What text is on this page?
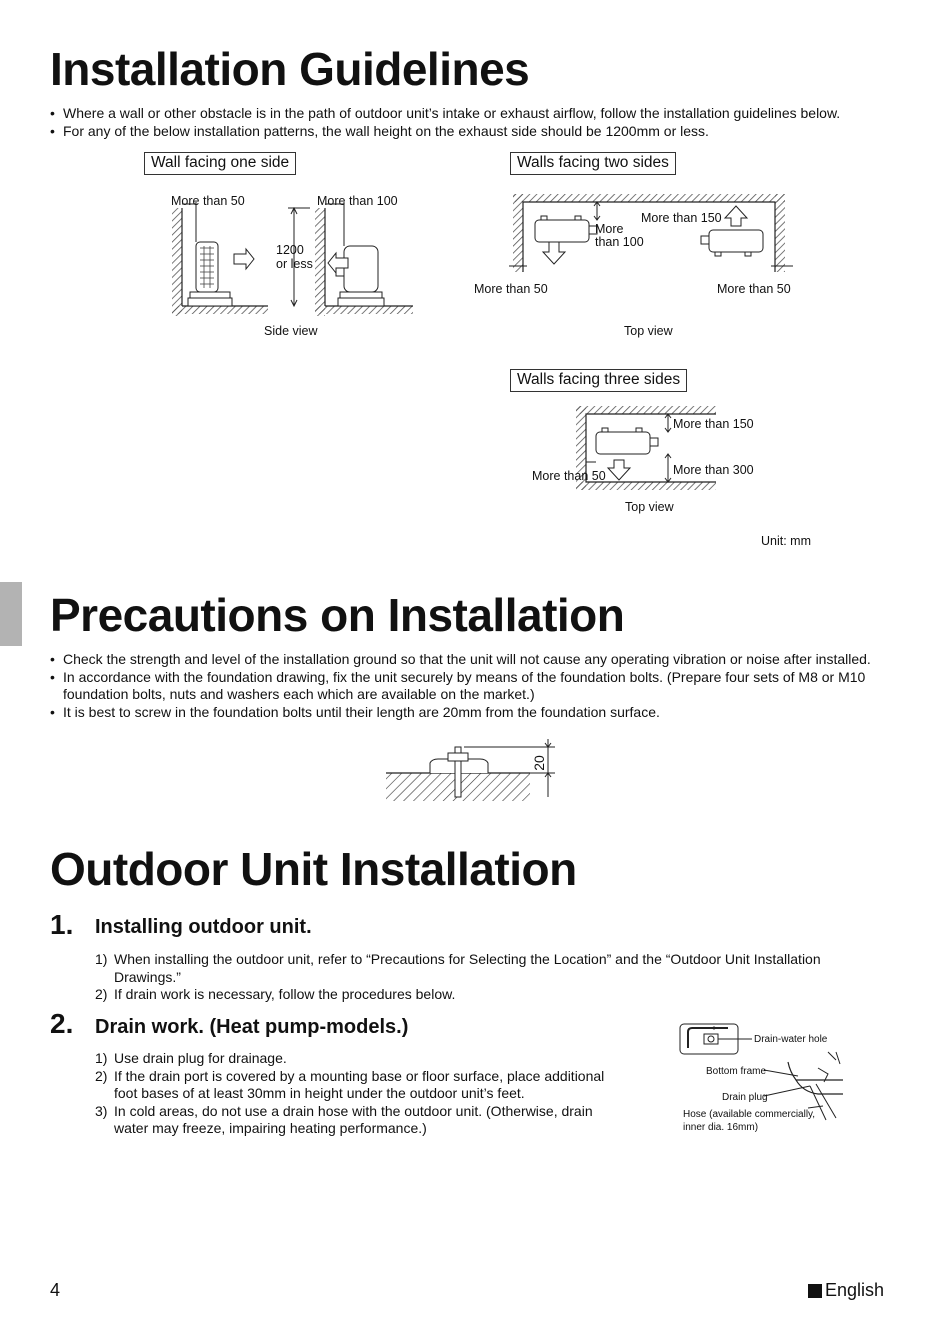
Installation Guidelines
• Where a wall or other obstacle is in the path of outdoor unit’s intake or exhaust airflow, follow the installation guidelines below.
• For any of the below installation patterns, the wall height on the exhaust side should be 1200mm or less.
Wall facing one side
More than 50	More than 100
1200
or less
Side view
Walls facing two sides
More
than 100
More than 150
More than 50	More than 50
Top view
Walls facing three sides
More than 150
More than 300
More than 50
Top view
Unit: mm
Precautions on Installation
• Check the strength and level of the installation ground so that the unit will not cause any operating vibration or noise after installed.
• In accordance with the foundation drawing, fix the unit securely by means of the foundation bolts. (Prepare four sets of M8 or M10 foundation bolts, nuts and washers each which are available on the market.)
• It is best to screw in the foundation bolts until their length are 20mm from the foundation surface.
20
Outdoor Unit Installation
1. Installing outdoor unit.
1) When installing the outdoor unit, refer to “Precautions for Selecting the Location” and the “Outdoor Unit Installation Drawings.”
2) If drain work is necessary, follow the procedures below.
2. Drain work. (Heat pump-models.)
1) Use drain plug for drainage.
2) If the drain port is covered by a mounting base or floor surface, place additional foot bases of at least 30mm in height under the outdoor unit’s feet.
3) In cold areas, do not use a drain hose with the outdoor unit. (Otherwise, drain water may freeze, impairing heating performance.)
Drain-water hole
Bottom frame
Drain plug
Hose (available commercially,
inner dia. 16mm)
4	English
